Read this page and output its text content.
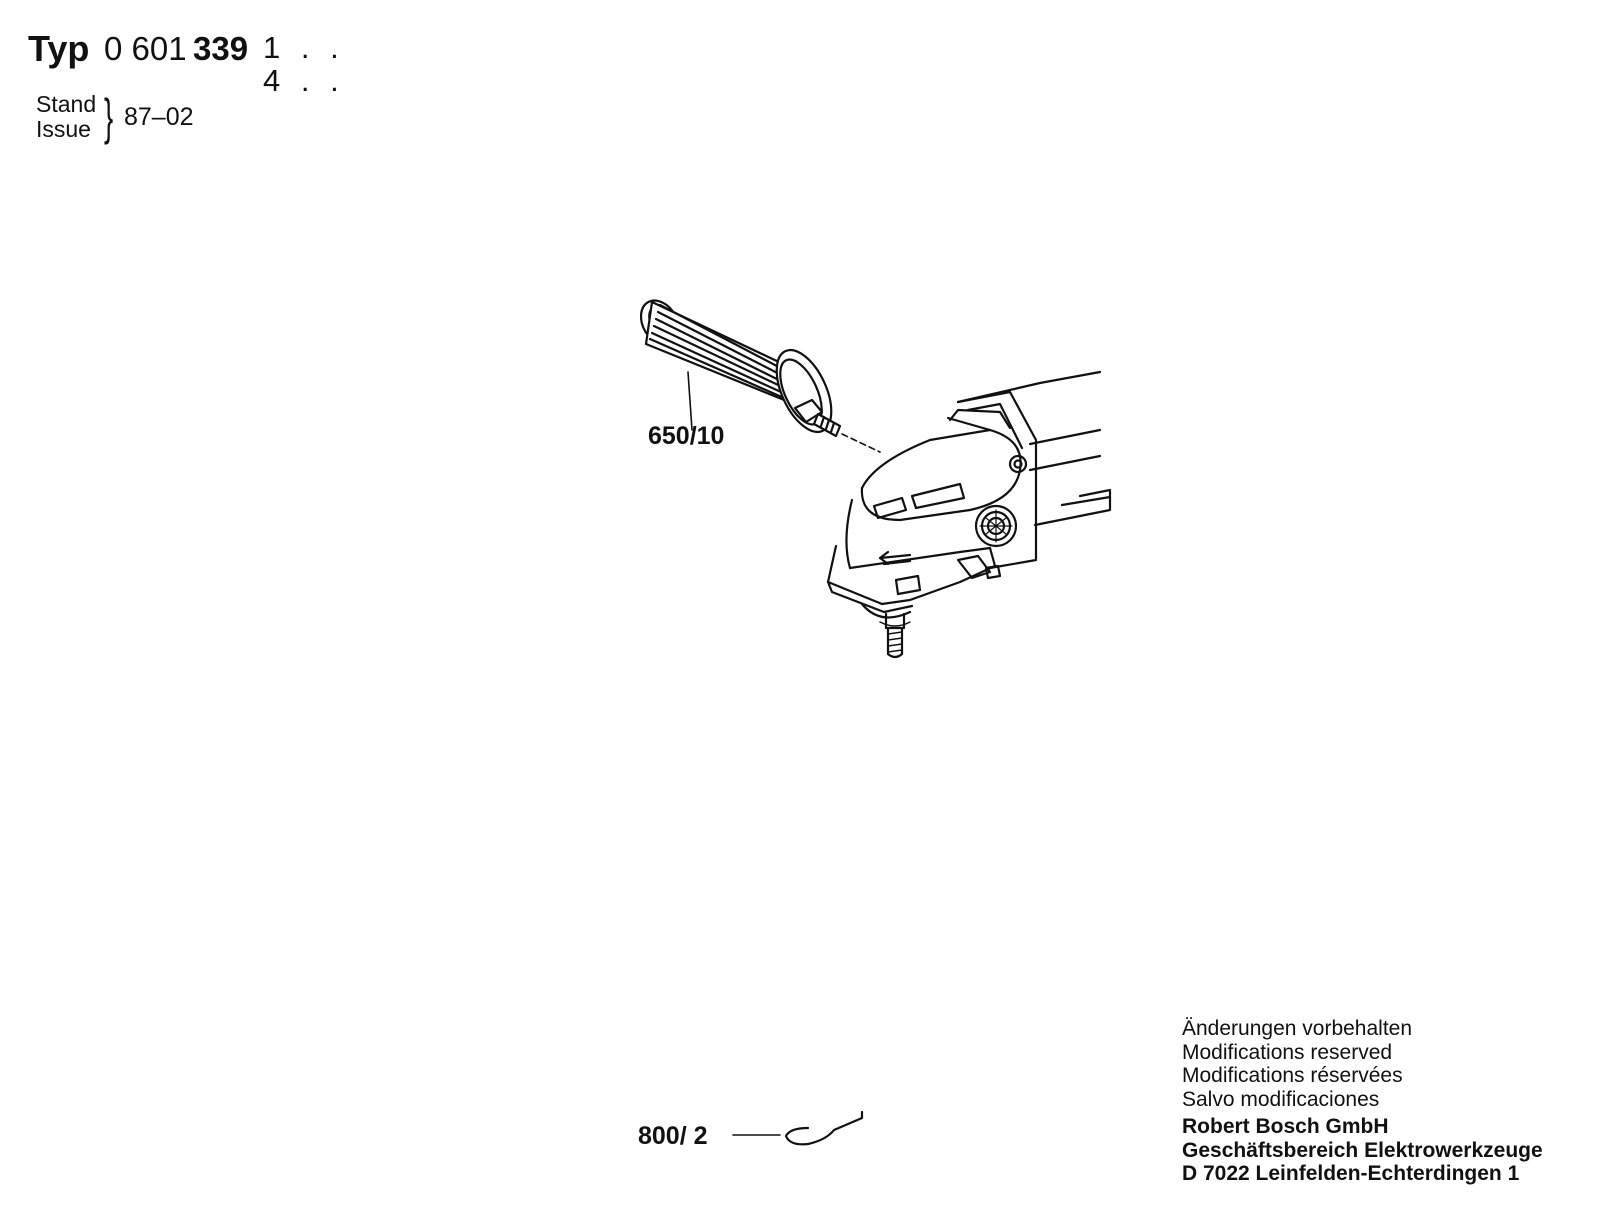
Typ 0 601 339 1 . .
4 . .
Stand
Issue } 87–02
650/10
800/ 2
Änderungen vorbehalten
Modifications reserved
Modifications réservées
Salvo modificaciones
Robert Bosch GmbH
Geschäftsbereich Elektrowerkzeuge
D 7022 Leinfelden-Echterdingen 1
